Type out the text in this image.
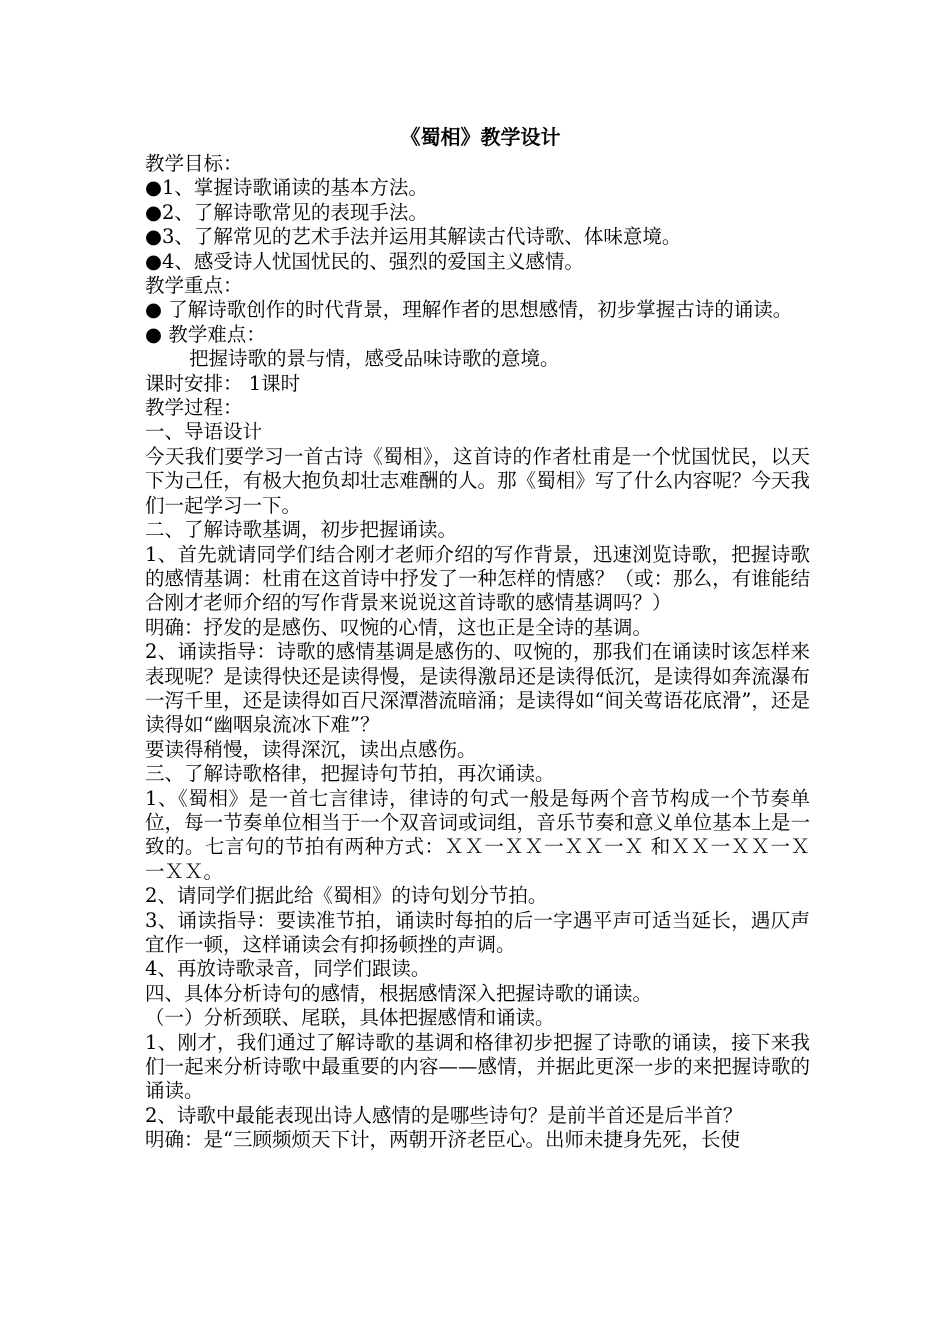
《蜀相》教学设计
教学目标：
●1、掌握诗歌诵读的基本方法。
●2、了解诗歌常见的表现手法。
●3、了解常见的艺术手法并运用其解读古代诗歌、体味意境。
●4、感受诗人忧国忧民的、强烈的爱国主义感情。
教学重点：
● 了解诗歌创作的时代背景，理解作者的思想感情，初步掌握古诗的诵读。
● 教学难点：
把握诗歌的景与情，感受品味诗歌的意境。
课时安排： 1课时
教学过程：
一、导语设计
今天我们要学习一首古诗《蜀相》，这首诗的作者杜甫是一个忧国忧民，以天下为己任，有极大抱负却壮志难酬的人。那《蜀相》写了什么内容呢？今天我们一起学习一下。
二、了解诗歌基调，初步把握诵读。
1、首先就请同学们结合刚才老师介绍的写作背景，迅速浏览诗歌，把握诗歌的感情基调：杜甫在这首诗中抒发了一种怎样的情感？（或：那么，有谁能结合刚才老师介绍的写作背景来说说这首诗歌的感情基调吗？）
明确：抒发的是感伤、叹惋的心情，这也正是全诗的基调。
2、诵读指导：诗歌的感情基调是感伤的、叹惋的，那我们在诵读时该怎样来表现呢？是读得快还是读得慢，是读得激昂还是读得低沉，是读得如奔流瀑布一泻千里，还是读得如百尺深潭潜流暗涌；是读得如“间关莺语花底滑”，还是读得如“幽咽泉流冰下难”？
要读得稍慢，读得深沉，读出点感伤。
三、了解诗歌格律，把握诗句节拍，再次诵读。
1、《蜀相》是一首七言律诗，律诗的句式一般是每两个音节构成一个节奏单位，每一节奏单位相当于一个双音词或词组，音乐节奏和意义单位基本上是一致的。七言句的节拍有两种方式：ＸＸ一ＸＸ一ＸＸ一Ｘ 和ＸＸ一ＸＸ一Ｘ一ＸＸ。
2、请同学们据此给《蜀相》的诗句划分节拍。
3、诵读指导：要读准节拍，诵读时每拍的后一字遇平声可适当延长，遇仄声宜作一顿，这样诵读会有抑扬顿挫的声调。
4、再放诗歌录音，同学们跟读。
四、具体分析诗句的感情，根据感情深入把握诗歌的诵读。
（一）分析颈联、尾联，具体把握感情和诵读。
1、刚才，我们通过了解诗歌的基调和格律初步把握了诗歌的诵读，接下来我们一起来分析诗歌中最重要的内容——感情，并据此更深一步的来把握诗歌的诵读。
2、诗歌中最能表现出诗人感情的是哪些诗句？是前半首还是后半首？
明确：是“三顾频烦天下计，两朝开济老臣心。出师未捷身先死，长使
